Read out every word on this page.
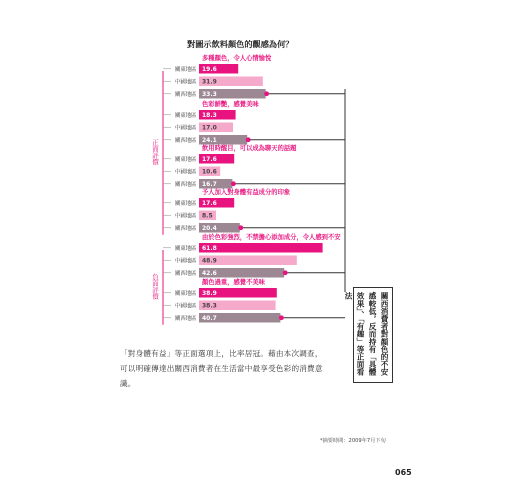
對圖示飲料顏色的觀感為何？
正面評價
負面評價
多種顏色，令人心情愉悅
關東地區 19.6
中國地區 31.9
關西地區 33.3
色彩鮮艷，感覺美味
關東地區 18.3
中國地區 17.0
關西地區 24.1
飲用時醒目，可以成為聊天的話題
關東地區 17.6
中國地區 10.6
關西地區 16.7
予人加入對身體有益成分的印象
關東地區 17.6
中國地區 8.5
關西地區 20.4
由於色彩強烈，不禁擔心添加成分，令人感到不安
關東地區 61.8
中國地區 48.9
關西地區 42.6
顏色過重，感覺不美味
關東地區 38.9
中國地區 38.3
關西地區 40.7
「對身體有益」等正面選項上，比率居冠。藉由本次調查，可以明確傳達出關西消費者在生活當中最享受色彩的消費意識。
關西消費者對顏色的不安感較低，反而持有「具體效果」、「有趣」等正面看法
*摘要時間：2009年7月下旬
065
